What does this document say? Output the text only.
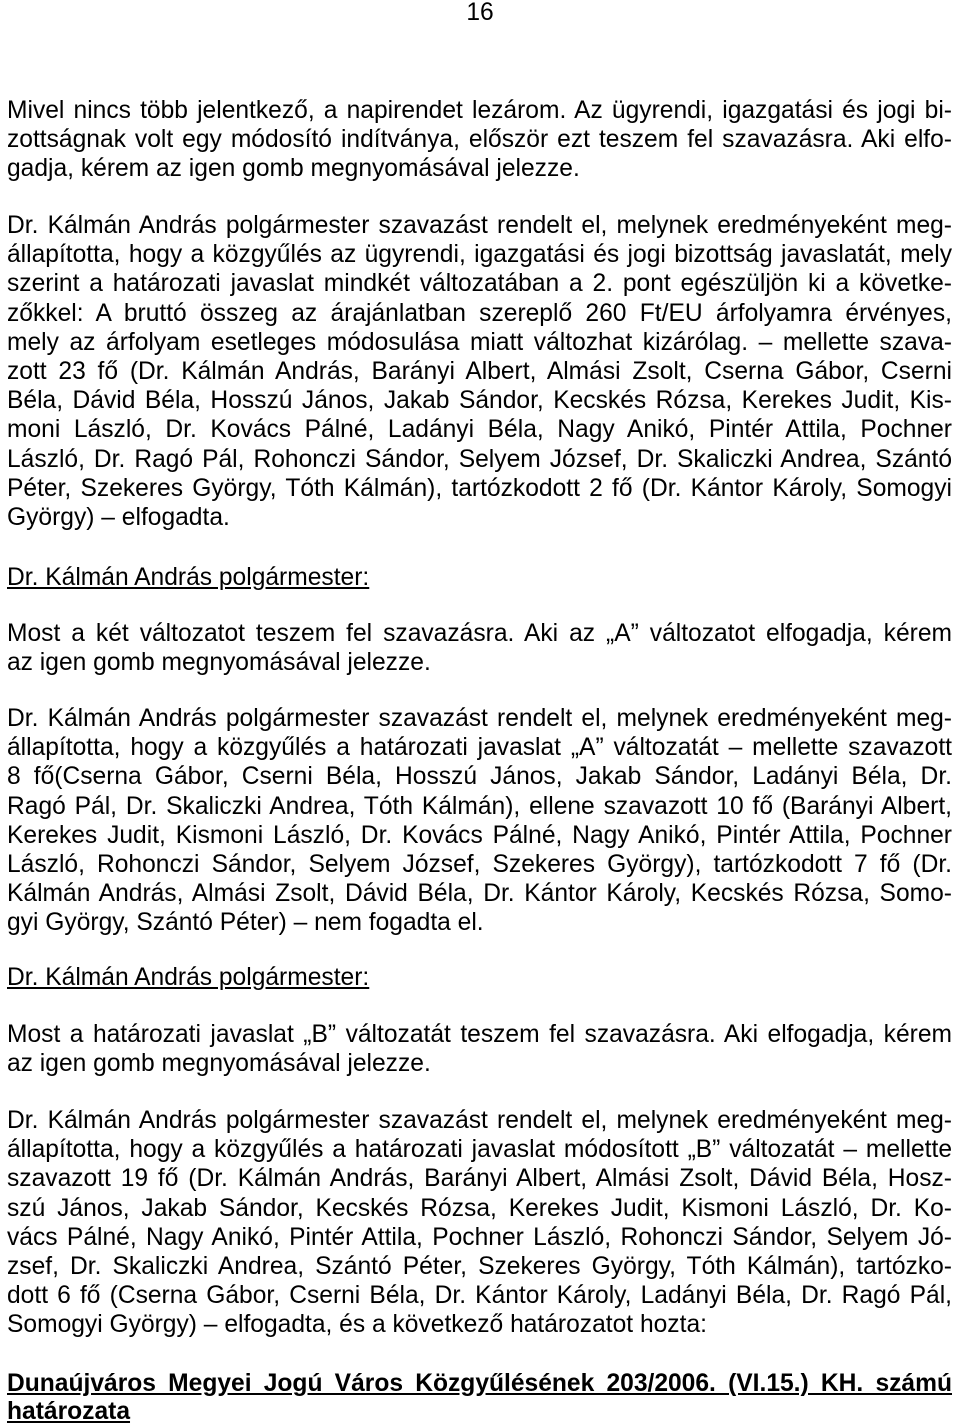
16
Mivel nincs több jelentkező, a napirendet lezárom. Az ügyrendi, igazgatási és jogi bi-
zottságnak volt egy módosító indítványa, először ezt teszem fel szavazásra. Aki elfo-
gadja, kérem az igen gomb megnyomásával jelezze.
Dr. Kálmán András polgármester szavazást rendelt el, melynek eredményeként meg-
állapította, hogy a közgyűlés az ügyrendi, igazgatási és jogi bizottság javaslatát, mely
szerint a határozati javaslat mindkét változatában a 2. pont egészüljön ki a követke-
zőkkel: A bruttó összeg az árajánlatban szereplő 260 Ft/EU árfolyamra érvényes,
mely az árfolyam esetleges módosulása miatt változhat kizárólag. – mellette szava-
zott 23 fő (Dr. Kálmán András, Barányi Albert, Almási Zsolt, Cserna Gábor, Cserni
Béla, Dávid Béla, Hosszú János, Jakab Sándor, Kecskés Rózsa, Kerekes Judit, Kis-
moni László, Dr. Kovács Pálné, Ladányi Béla, Nagy Anikó, Pintér Attila, Pochner
László, Dr. Ragó Pál, Rohonczi Sándor, Selyem József, Dr. Skaliczki Andrea, Szántó
Péter, Szekeres György, Tóth Kálmán), tartózkodott 2 fő (Dr. Kántor Károly, Somogyi
György) – elfogadta.
Dr. Kálmán András polgármester:
Most a két változatot teszem fel szavazásra. Aki az „A” változatot elfogadja, kérem
az igen gomb megnyomásával jelezze.
Dr. Kálmán András polgármester szavazást rendelt el, melynek eredményeként meg-
állapította, hogy a közgyűlés a határozati javaslat „A” változatát – mellette szavazott
8 fő(Cserna Gábor, Cserni Béla, Hosszú János, Jakab Sándor, Ladányi Béla, Dr.
Ragó Pál, Dr. Skaliczki Andrea, Tóth Kálmán), ellene szavazott 10 fő (Barányi Albert,
Kerekes Judit, Kismoni László, Dr. Kovács Pálné, Nagy Anikó, Pintér Attila, Pochner
László, Rohonczi Sándor, Selyem József, Szekeres György), tartózkodott 7 fő (Dr.
Kálmán András, Almási Zsolt, Dávid Béla, Dr. Kántor Károly, Kecskés Rózsa, Somo-
gyi György, Szántó Péter) – nem fogadta el.
Dr. Kálmán András polgármester:
Most a határozati javaslat „B” változatát teszem fel szavazásra. Aki elfogadja, kérem
az igen gomb megnyomásával jelezze.
Dr. Kálmán András polgármester szavazást rendelt el, melynek eredményeként meg-
állapította, hogy a közgyűlés a határozati javaslat módosított „B” változatát – mellette
szavazott 19 fő (Dr. Kálmán András, Barányi Albert, Almási Zsolt, Dávid Béla, Hosz-
szú János, Jakab Sándor, Kecskés Rózsa, Kerekes Judit, Kismoni László, Dr. Ko-
vács Pálné, Nagy Anikó, Pintér Attila, Pochner László, Rohonczi Sándor, Selyem Jó-
zsef, Dr. Skaliczki Andrea, Szántó Péter, Szekeres György, Tóth Kálmán), tartózko-
dott 6 fő (Cserna Gábor, Cserni Béla, Dr. Kántor Károly, Ladányi Béla, Dr. Ragó Pál,
Somogyi György) – elfogadta, és a következő határozatot hozta:
Dunaújváros Megyei Jogú Város Közgyűlésének 203/2006. (VI.15.) KH. számú
határozata
